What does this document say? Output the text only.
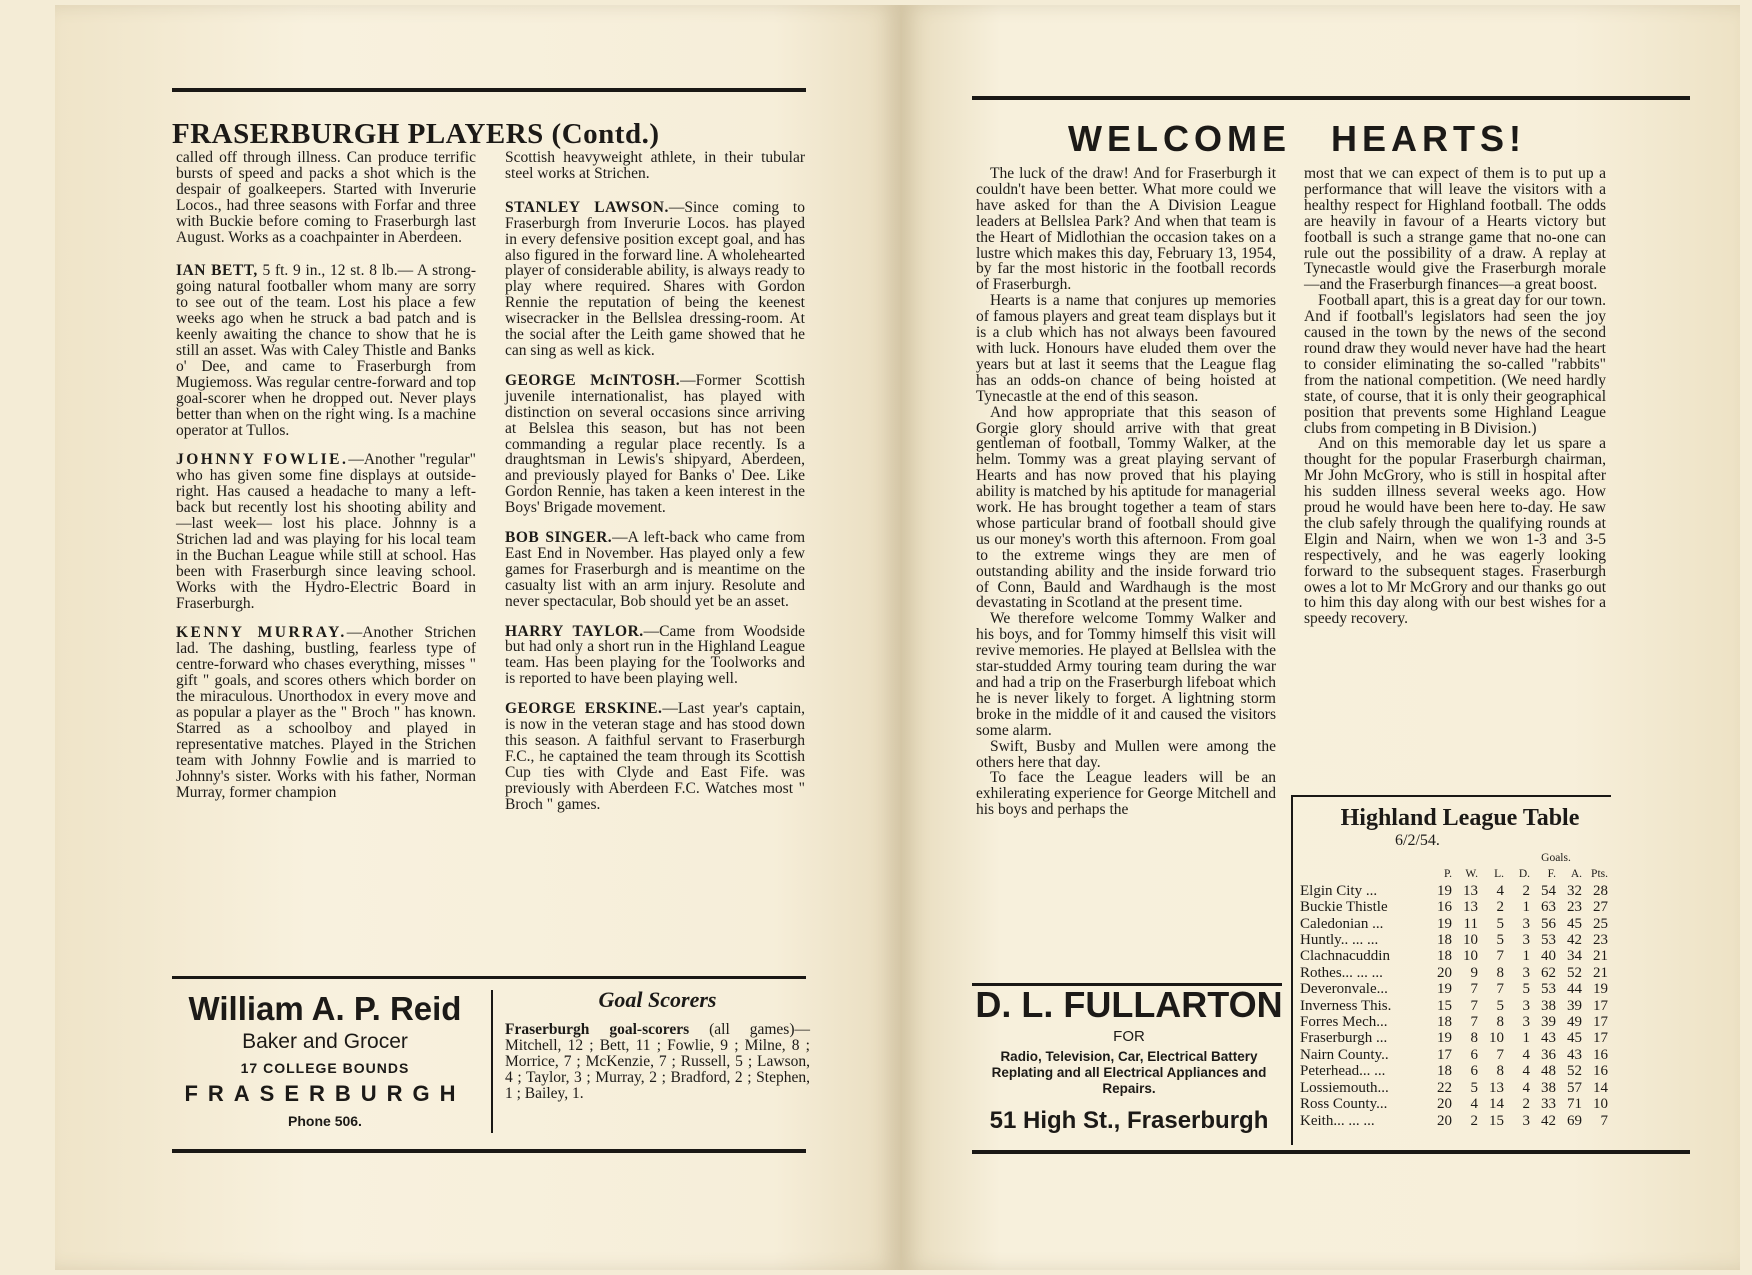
FRASERBURGH PLAYERS (Contd.)

called off through illness. Can produce terrific bursts of speed and packs a shot which is the despair of goalkeepers. Started with Inverurie Locos., had three seasons with Forfar and three with Buckie before coming to Fraserburgh last August. Works as a coachpainter in Aberdeen.

IAN BETT, 5 ft. 9 in., 12 st. 8 lb.— A strong-going natural footballer whom many are sorry to see out of the team. Lost his place a few weeks ago when he struck a bad patch and is keenly awaiting the chance to show that he is still an asset. Was with Caley Thistle and Banks o' Dee, and came to Fraserburgh from Mugiemoss. Was regular centre-forward and top goal-scorer when he dropped out. Never plays better than when on the right wing. Is a machine operator at Tullos.

JOHNNY FOWLIE.—Another "regular" who has given some fine displays at outside-right. Has caused a headache to many a left-back but recently lost his shooting ability and —last week— lost his place. Johnny is a Strichen lad and was playing for his local team in the Buchan League while still at school. Has been with Fraserburgh since leaving school. Works with the Hydro-Electric Board in Fraserburgh.

KENNY MURRAY.—Another Strichen lad. The dashing, bustling, fearless type of centre-forward who chases everything, misses " gift " goals, and scores others which border on the miraculous. Unorthodox in every move and as popular a player as the " Broch " has known. Starred as a schoolboy and played in representative matches. Played in the Strichen team with Johnny Fowlie and is married to Johnny's sister. Works with his father, Norman Murray, former champion

Scottish heavyweight athlete, in their tubular steel works at Strichen.

STANLEY LAWSON.—Since coming to Fraserburgh from Inverurie Locos. has played in every defensive position except goal, and has also figured in the forward line. A wholehearted player of considerable ability, is always ready to play where required. Shares with Gordon Rennie the reputation of being the keenest wisecracker in the Bellslea dressing-room. At the social after the Leith game showed that he can sing as well as kick.

GEORGE McINTOSH.—Former Scottish juvenile internationalist, has played with distinction on several occasions since arriving at Belslea this season, but has not been commanding a regular place recently. Is a draughtsman in Lewis's shipyard, Aberdeen, and previously played for Banks o' Dee. Like Gordon Rennie, has taken a keen interest in the Boys' Brigade movement.

BOB SINGER.—A left-back who came from East End in November. Has played only a few games for Fraserburgh and is meantime on the casualty list with an arm injury. Resolute and never spectacular, Bob should yet be an asset.

HARRY TAYLOR.—Came from Woodside but had only a short run in the Highland League team. Has been playing for the Toolworks and is reported to have been playing well.

GEORGE ERSKINE.—Last year's captain, is now in the veteran stage and has stood down this season. A faithful servant to Fraserburgh F.C., he captained the team through its Scottish Cup ties with Clyde and East Fife. was previously with Aberdeen F.C. Watches most " Broch " games.

William A. P. Reid
Baker and Grocer
17 COLLEGE BOUNDS
FRASERBURGH
Phone 506.
Goal Scorers
Fraserburgh goal-scorers (all games)—Mitchell, 12 ; Bett, 11 ; Fowlie, 9 ; Milne, 8 ; Morrice, 7 ; McKenzie, 7 ; Russell, 5 ; Lawson, 4 ; Taylor, 3 ; Murray, 2 ; Bradford, 2 ; Stephen, 1 ; Bailey, 1.
WELCOME HEARTS!

The luck of the draw! And for Fraserburgh it couldn't have been better. What more could we have asked for than the A Division League leaders at Bellslea Park? And when that team is the Heart of Midlothian the occasion takes on a lustre which makes this day, February 13, 1954, by far the most historic in the football records of Fraserburgh.

Hearts is a name that conjures up memories of famous players and great team displays but it is a club which has not always been favoured with luck. Honours have eluded them over the years but at last it seems that the League flag has an odds-on chance of being hoisted at Tynecastle at the end of this season.

And how appropriate that this season of Gorgie glory should arrive with that great gentleman of football, Tommy Walker, at the helm. Tommy was a great playing servant of Hearts and has now proved that his playing ability is matched by his aptitude for managerial work. He has brought together a team of stars whose particular brand of football should give us our money's worth this afternoon. From goal to the extreme wings they are men of outstanding ability and the inside forward trio of Conn, Bauld and Wardhaugh is the most devastating in Scotland at the present time.

We therefore welcome Tommy Walker and his boys, and for Tommy himself this visit will revive memories. He played at Bellslea with the star-studded Army touring team during the war and had a trip on the Fraserburgh lifeboat which he is never likely to forget. A lightning storm broke in the middle of it and caused the visitors some alarm.

Swift, Busby and Mullen were among the others here that day.

To face the League leaders will be an exhilerating experience for George Mitchell and his boys and perhaps the

most that we can expect of them is to put up a performance that will leave the visitors with a healthy respect for Highland football. The odds are heavily in favour of a Hearts victory but football is such a strange game that no-one can rule out the possibility of a draw. A replay at Tynecastle would give the Fraserburgh morale—and the Fraserburgh finances—a great boost.

Football apart, this is a great day for our town. And if football's legislators had seen the joy caused in the town by the news of the second round draw they would never have had the heart to consider eliminating the so-called "rabbits" from the national competition. (We need hardly state, of course, that it is only their geographical position that prevents some Highland League clubs from competing in B Division.)

And on this memorable day let us spare a thought for the popular Fraserburgh chairman, Mr John McGrory, who is still in hospital after his sudden illness several weeks ago. How proud he would have been here to-day. He saw the club safely through the qualifying rounds at Elgin and Nairn, when we won 1-3 and 3-5 respectively, and he was eagerly looking forward to the subsequent stages. Fraserburgh owes a lot to Mr McGrory and our thanks go out to him this day along with our best wishes for a speedy recovery.

D. L. FULLARTON
FOR
Radio, Television, Car, Electrical Battery Replating and all Electrical Appliances and Repairs.
51 High St., Fraserburgh
Highland League Table
6/2/54.
					Goals.		
	P.	W.	L.	D.	F.	A.	Pts.
Elgin City ...	19	13	4	2	54	32	28
Buckie Thistle	16	13	2	1	63	23	27
Caledonian ...	19	11	5	3	56	45	25
Huntly.. ... ...	18	10	5	3	53	42	23
Clachnacuddin	18	10	7	1	40	34	21
Rothes... ... ...	20	9	8	3	62	52	21
Deveronvale...	19	7	7	5	53	44	19
Inverness This.	15	7	5	3	38	39	17
Forres Mech...	18	7	8	3	39	49	17
Fraserburgh ...	19	8	10	1	43	45	17
Nairn County..	17	6	7	4	36	43	16
Peterhead... ...	18	6	8	4	48	52	16
Lossiemouth...	22	5	13	4	38	57	14
Ross County...	20	4	14	2	33	71	10
Keith... ... ...	20	2	15	3	42	69	7
